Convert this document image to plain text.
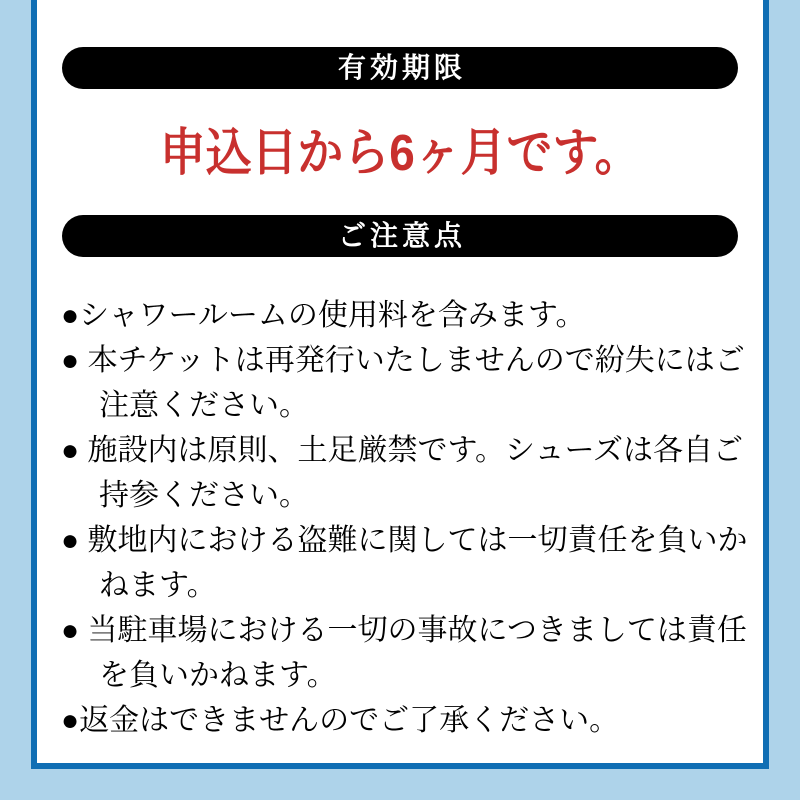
有効期限
申込日から6ヶ月です。
ご注意点
●シャワールームの使用料を含みます。
● 本チケットは再発行いたしませんので紛失にはご注意ください。
● 施設内は原則、土足厳禁です。シューズは各自ご持参ください。
● 敷地内における盗難に関しては一切責任を負いかねます。
● 当駐車場における一切の事故につきましては責任を負いかねます。
●返金はできませんのでご了承ください。
